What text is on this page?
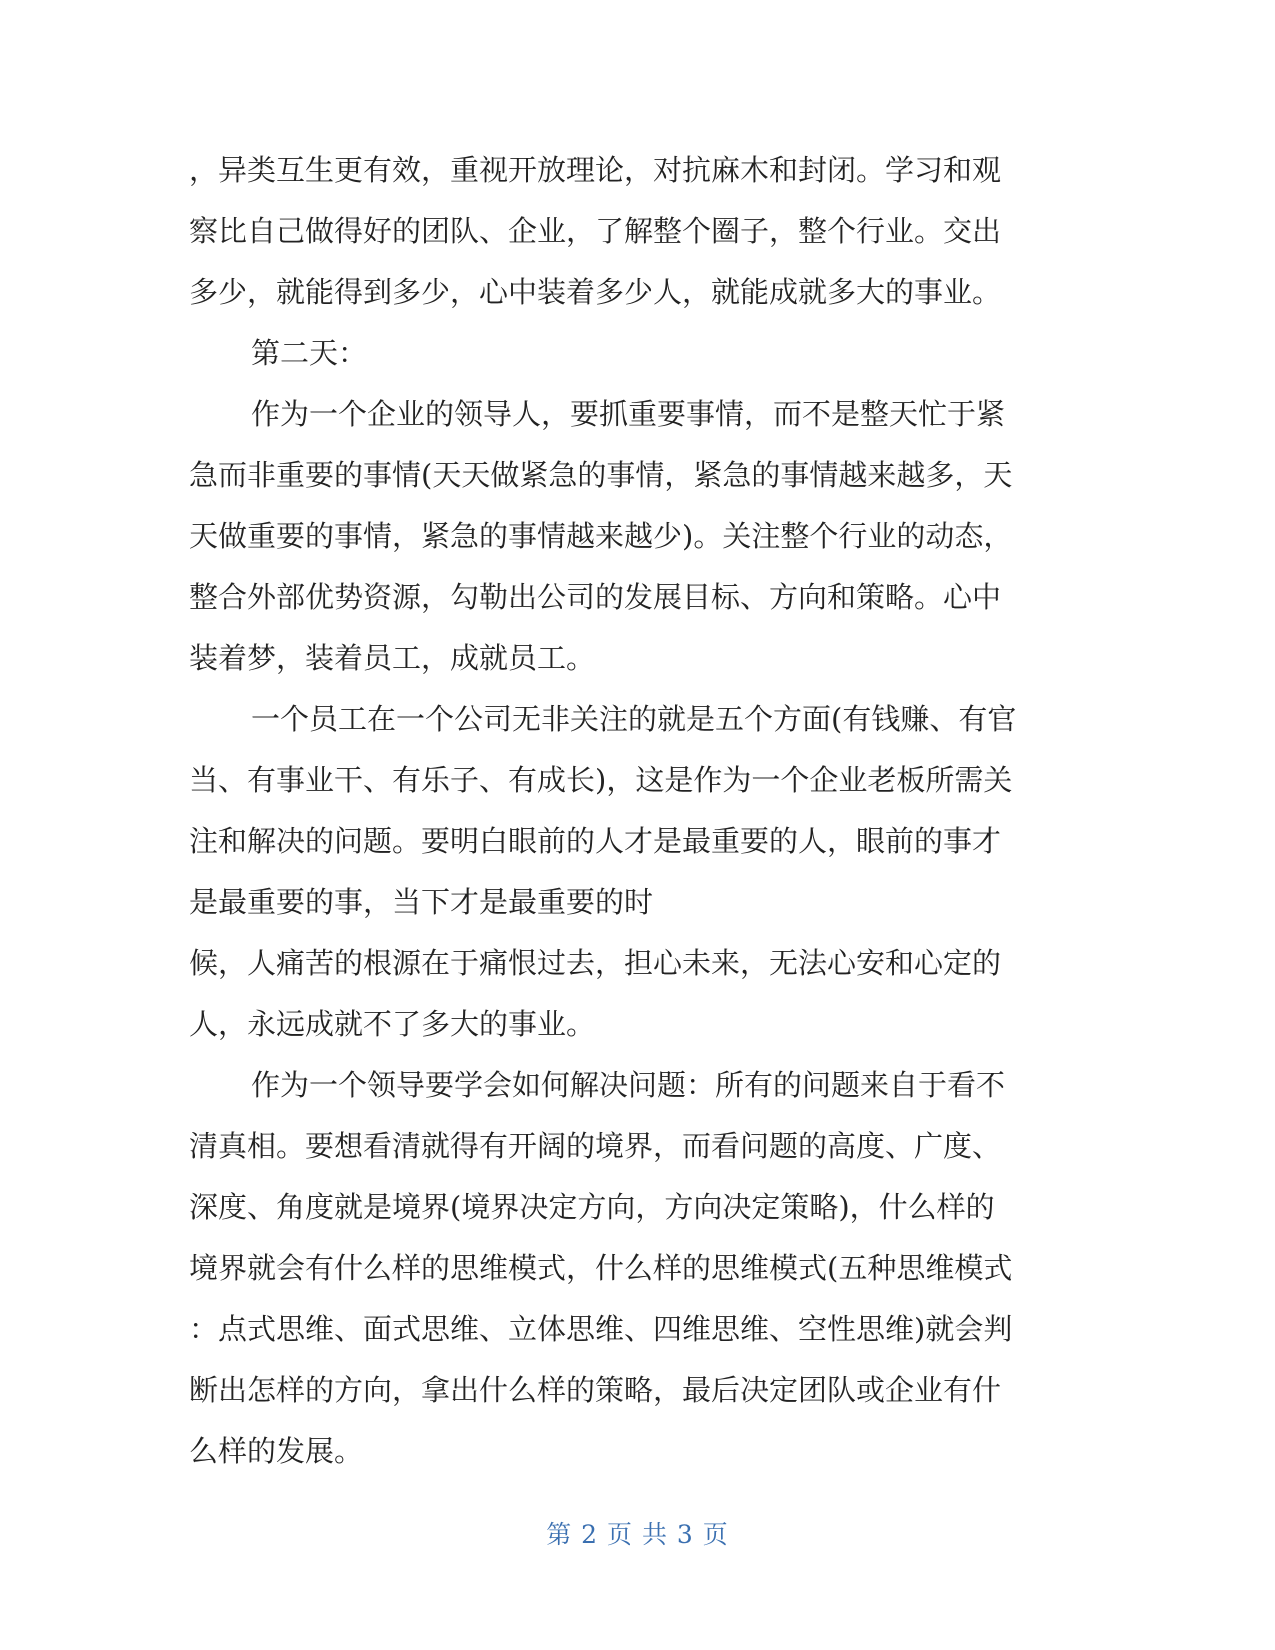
，异类互生更有效，重视开放理论，对抗麻木和封闭。学习和观
察比自己做得好的团队、企业，了解整个圈子，整个行业。交出
多少，就能得到多少，心中装着多少人，就能成就多大的事业。
第二天：
作为一个企业的领导人，要抓重要事情，而不是整天忙于紧
急而非重要的事情(天天做紧急的事情，紧急的事情越来越多，天
天做重要的事情，紧急的事情越来越少)。关注整个行业的动态，
整合外部优势资源，勾勒出公司的发展目标、方向和策略。心中
装着梦，装着员工，成就员工。
一个员工在一个公司无非关注的就是五个方面(有钱赚、有官
当、有事业干、有乐子、有成长)，这是作为一个企业老板所需关
注和解决的问题。要明白眼前的人才是最重要的人，眼前的事才
是最重要的事，当下才是最重要的时
候，人痛苦的根源在于痛恨过去，担心未来，无法心安和心定的
人，永远成就不了多大的事业。
作为一个领导要学会如何解决问题：所有的问题来自于看不
清真相。要想看清就得有开阔的境界，而看问题的高度、广度、
深度、角度就是境界(境界决定方向，方向决定策略)，什么样的
境界就会有什么样的思维模式，什么样的思维模式(五种思维模式
：点式思维、面式思维、立体思维、四维思维、空性思维)就会判
断出怎样的方向，拿出什么样的策略，最后决定团队或企业有什
么样的发展。
第 2 页 共 3 页
